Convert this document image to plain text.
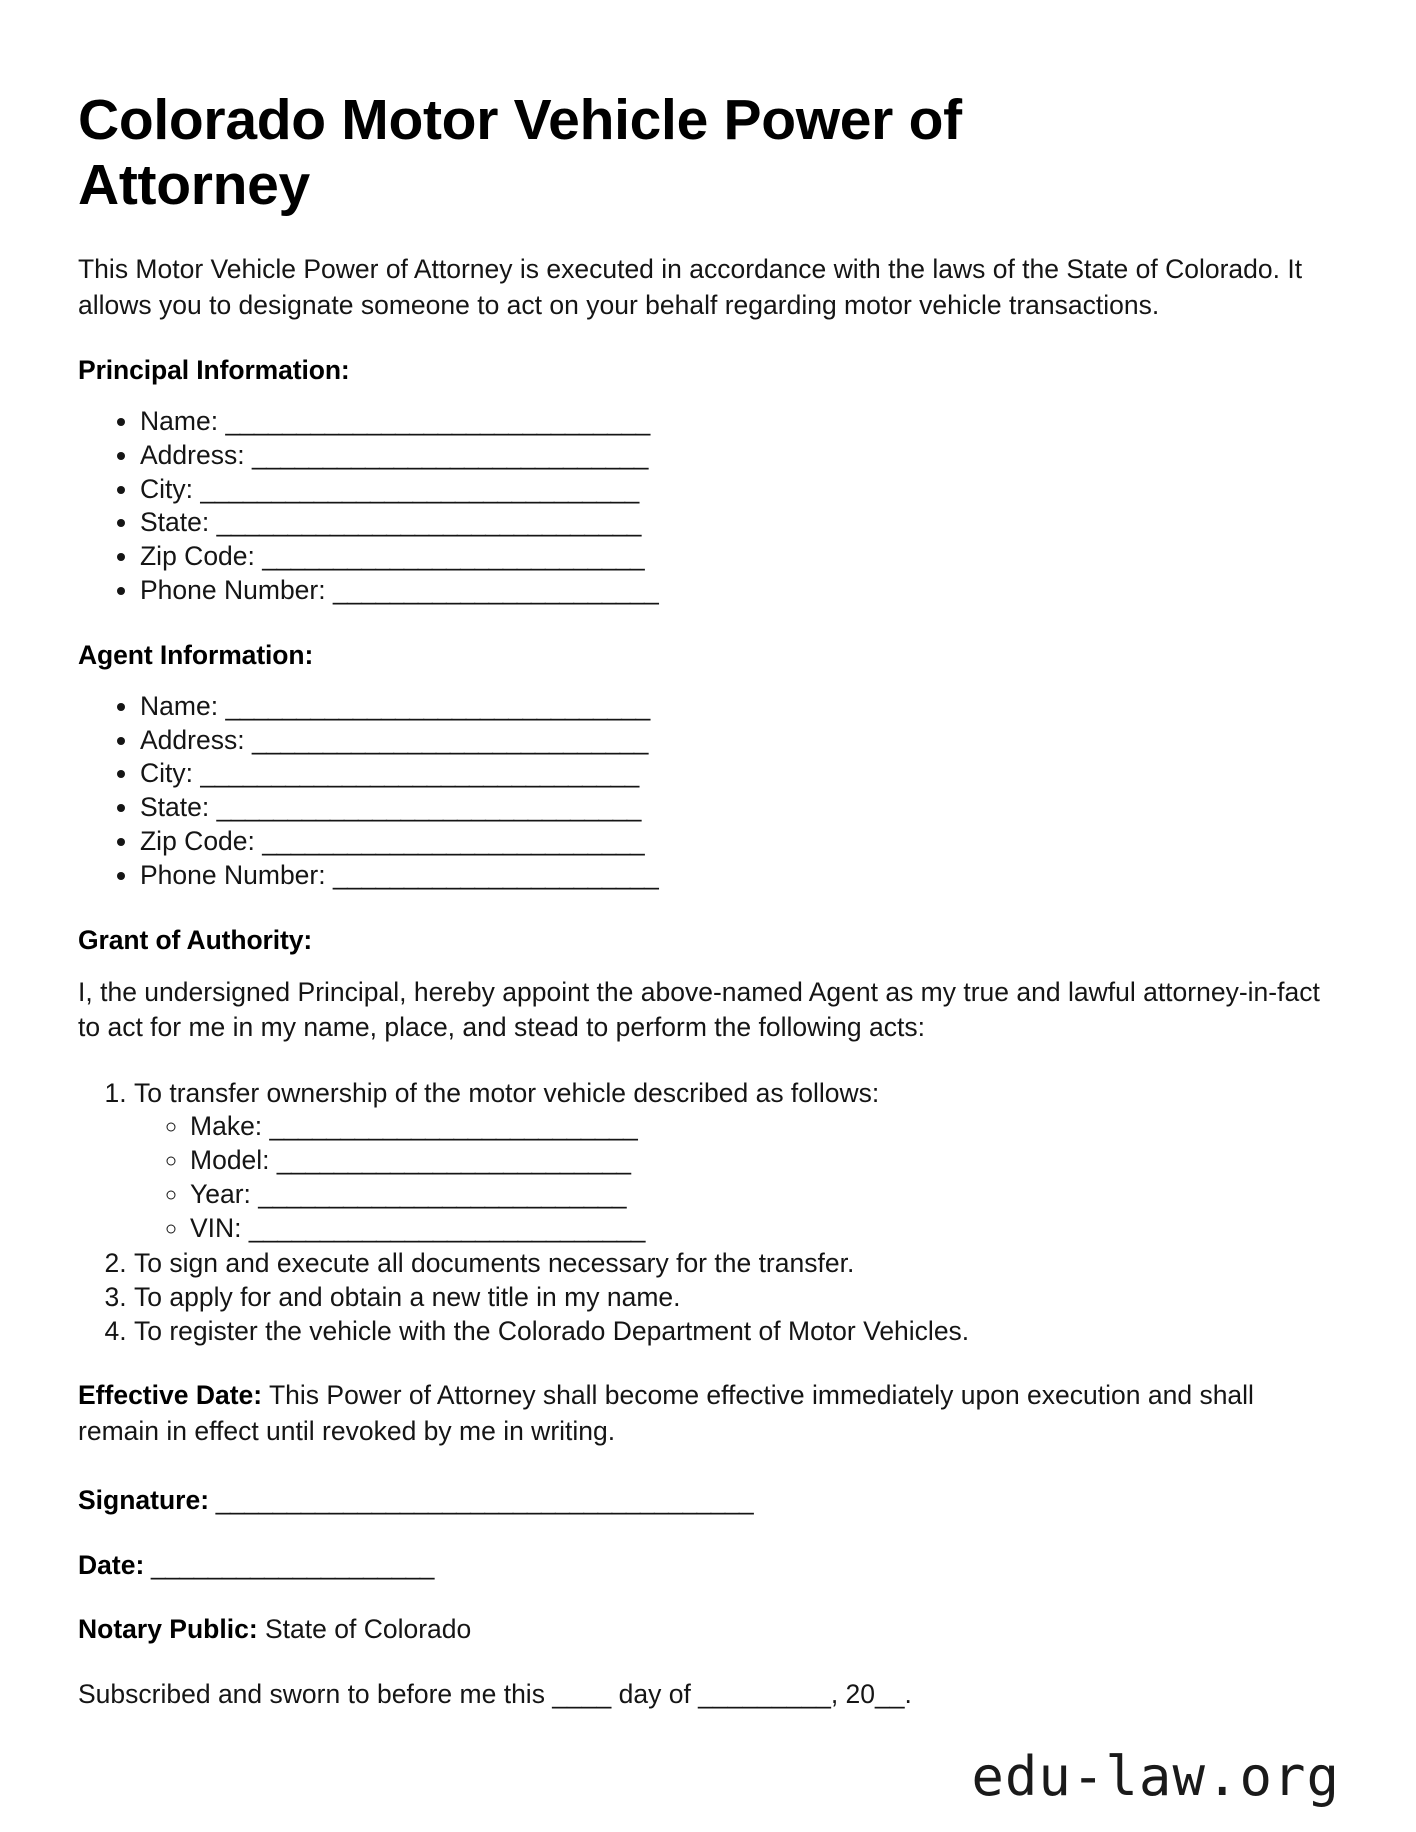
Colorado Motor Vehicle Power of Attorney

This Motor Vehicle Power of Attorney is executed in accordance with the laws of the State of Colorado. It allows you to designate someone to act on your behalf regarding motor vehicle transactions.

Principal Information:
• Name: ______________________________
• Address: ____________________________
• City: _______________________________
• State: ______________________________
• Zip Code: ___________________________
• Phone Number: _______________________
Agent Information:
• Name: ______________________________
• Address: ____________________________
• City: _______________________________
• State: ______________________________
• Zip Code: ___________________________
• Phone Number: _______________________
Grant of Authority:

I, the undersigned Principal, hereby appoint the above-named Agent as my true and lawful attorney-in-fact to act for me in my name, place, and stead to perform the following acts:

1. To transfer ownership of the motor vehicle described as follows:
◦ Make: __________________________
◦ Model: _________________________
◦ Year: __________________________
◦ VIN: ____________________________
2. To sign and execute all documents necessary for the transfer.
3. To apply for and obtain a new title in my name.
4. To register the vehicle with the Colorado Department of Motor Vehicles.

Effective Date: This Power of Attorney shall become effective immediately upon execution and shall remain in effect until revoked by me in writing.

Signature: ______________________________________

Date: ____________________

Notary Public: State of Colorado

Subscribed and sworn to before me this ____ day of _________, 20__.

edu-law.org
